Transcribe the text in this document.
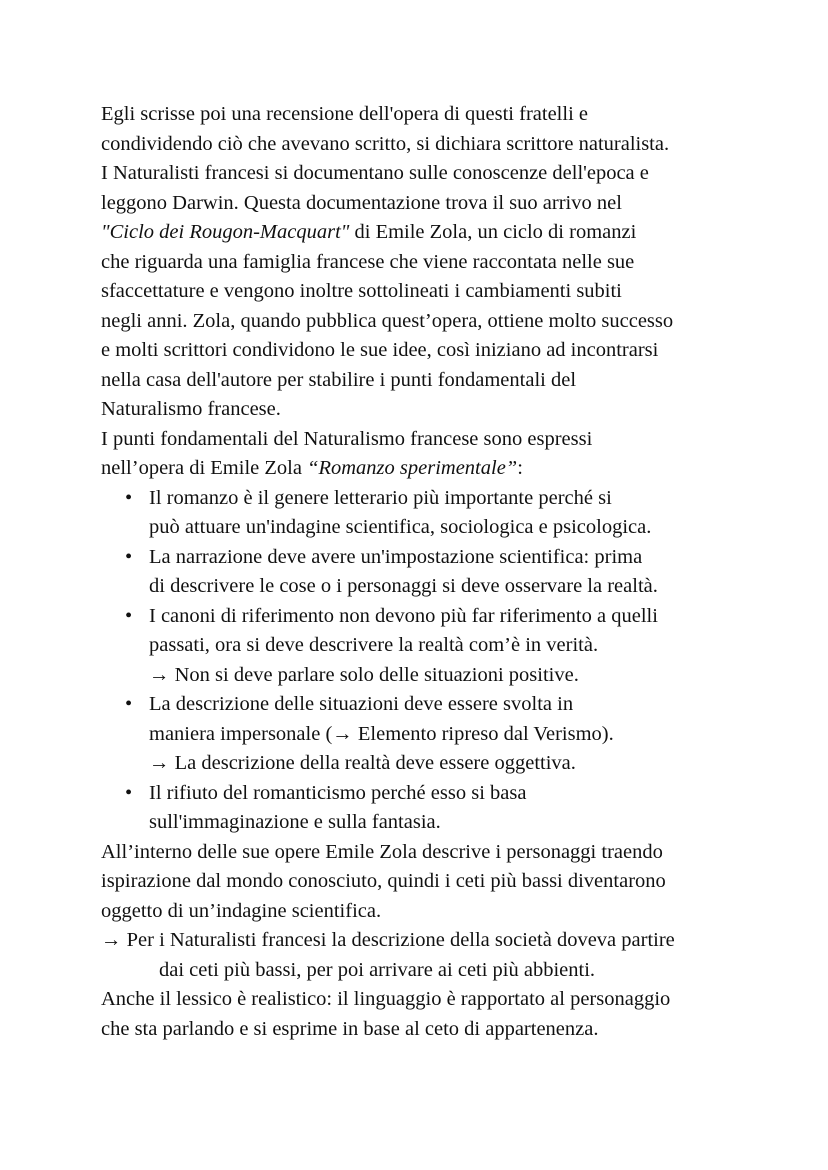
Egli scrisse poi una recensione dell'opera di questi fratelli e
condividendo ciò che avevano scritto, si dichiara scrittore naturalista.
I Naturalisti francesi si documentano sulle conoscenze dell'epoca e
leggono Darwin. Questa documentazione trova il suo arrivo nel
"Ciclo dei Rougon-Macquart" di Emile Zola, un ciclo di romanzi
che riguarda una famiglia francese che viene raccontata nelle sue
sfaccettature e vengono inoltre sottolineati i cambiamenti subiti
negli anni. Zola, quando pubblica quest’opera, ottiene molto successo
e molti scrittori condividono le sue idee, così iniziano ad incontrarsi
nella casa dell'autore per stabilire i punti fondamentali del
Naturalismo francese.
I punti fondamentali del Naturalismo francese sono espressi
nell’opera di Emile Zola “Romanzo sperimentale”:
• Il romanzo è il genere letterario più importante perché si
può attuare un'indagine scientifica, sociologica e psicologica.
• La narrazione deve avere un'impostazione scientifica: prima
di descrivere le cose o i personaggi si deve osservare la realtà.
• I canoni di riferimento non devono più far riferimento a quelli
passati, ora si deve descrivere la realtà com’è in verità.
→ Non si deve parlare solo delle situazioni positive.
• La descrizione delle situazioni deve essere svolta in
maniera impersonale (→ Elemento ripreso dal Verismo).
→ La descrizione della realtà deve essere oggettiva.
• Il rifiuto del romanticismo perché esso si basa
sull'immaginazione e sulla fantasia.
All’interno delle sue opere Emile Zola descrive i personaggi traendo
ispirazione dal mondo conosciuto, quindi i ceti più bassi diventarono
oggetto di un’indagine scientifica.
→ Per i Naturalisti francesi la descrizione della società doveva partire
dai ceti più bassi, per poi arrivare ai ceti più abbienti.
Anche il lessico è realistico: il linguaggio è rapportato al personaggio
che sta parlando e si esprime in base al ceto di appartenenza.
